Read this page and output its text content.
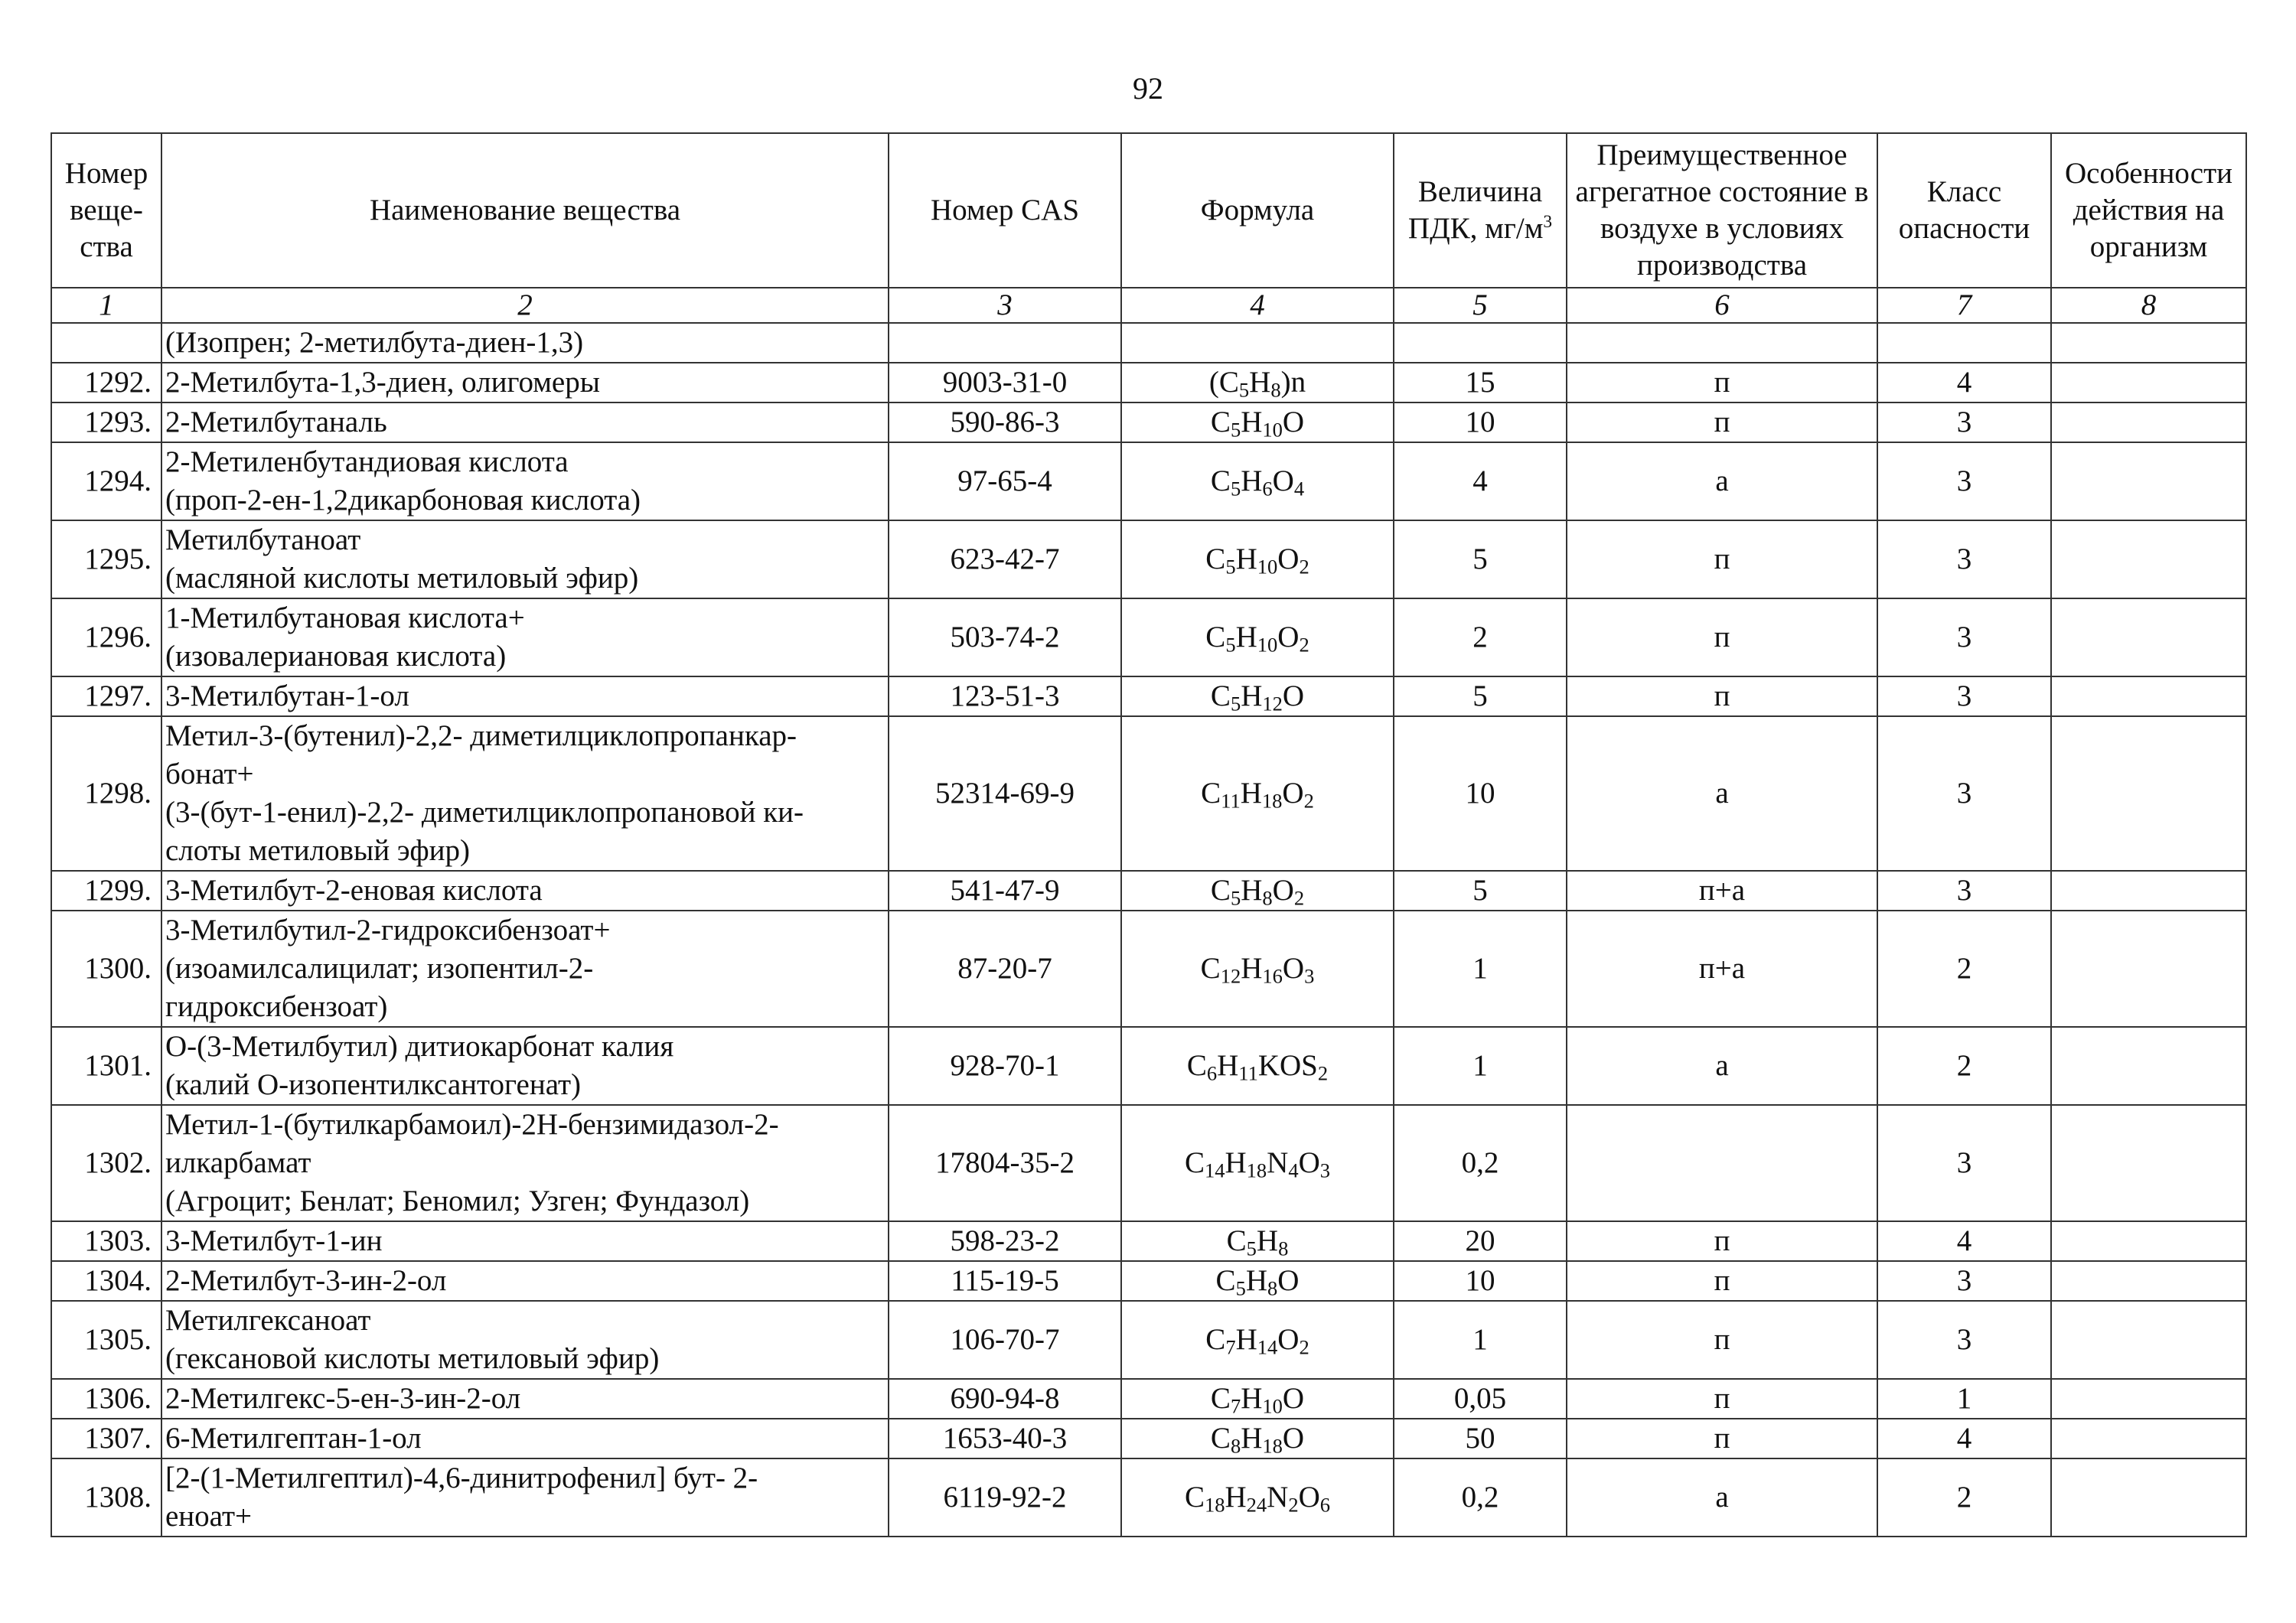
92
Номер веще-ства	Наименование вещества	Номер CAS	Формула	Величина ПДК, $мг/м^3$	Преимущественное агрегатное состояние в воздухе в условиях производства	Класс опасности	Особенности действия на организм
1	2	3	4	5	6	7	8
	(Изопрен; 2-метилбута-диен-1,3)						
1292.	2-Метилбута-1,3-диен, олигомеры	9003-31-0	$(C_5H_8)n$	15	п	4	
1293.	2-Метилбутаналь	590-86-3	$C_5H_{10}O$	10	п	3	
1294.	2-Метиленбутандиовая кислота
(проп-2-ен-1,2дикарбоновая кислота)	97-65-4	$C_5H_6O_4$	4	а	3	
1295.	Метилбутаноат
(масляной кислоты метиловый эфир)	623-42-7	$C_5H_{10}O_2$	5	п	3	
1296.	1-Метилбутановая кислота+
(изовалериановая кислота)	503-74-2	$C_5H_{10}O_2$	2	п	3	
1297.	3-Метилбутан-1-ол	123-51-3	$C_5H_{12}O$	5	п	3	
1298.	Метил-3-(бутенил)-2,2- диметилциклопропанкар-
бонат+
(3-(бут-1-енил)-2,2- диметилциклопропановой ки-
слоты метиловый эфир)	52314-69-9	$C_{11}H_{18}O_2$	10	а	3	
1299.	3-Метилбут-2-еновая кислота	541-47-9	$C_5H_8O_2$	5	п+а	3	
1300.	3-Метилбутил-2-гидроксибензоат+
(изоамилсалицилат; изопентил-2-
гидроксибензоат)	87-20-7	$C_{12}H_{16}O_3$	1	п+а	2	
1301.	О-(3-Метилбутил) дитиокарбонат калия
(калий О-изопентилксантогенат)	928-70-1	$C_6H_{11}KOS_2$	1	а	2	
1302.	Метил-1-(бутилкарбамоил)-2H-бензимидазол-2-
илкарбамат
(Агроцит; Бенлат; Беномил; Узген; Фундазол)	17804-35-2	$C_{14}H_{18}N_4O_3$	0,2		3	
1303.	3-Метилбут-1-ин	598-23-2	$C_5H_8$	20	п	4	
1304.	2-Метилбут-3-ин-2-ол	115-19-5	$C_5H_8O$	10	п	3	
1305.	Метилгексаноат
(гексановой кислоты метиловый эфир)	106-70-7	$C_7H_{14}O_2$	1	п	3	
1306.	2-Метилгекс-5-ен-3-ин-2-ол	690-94-8	$C_7H_{10}O$	0,05	п	1	
1307.	6-Метилгептан-1-ол	1653-40-3	$C_8H_{18}O$	50	п	4	
1308.	[2-(1-Метилгептил)-4,6-динитрофенил] бут- 2-
еноат+	6119-92-2	$C_{18}H_{24}N_2O_6$	0,2	а	2	
